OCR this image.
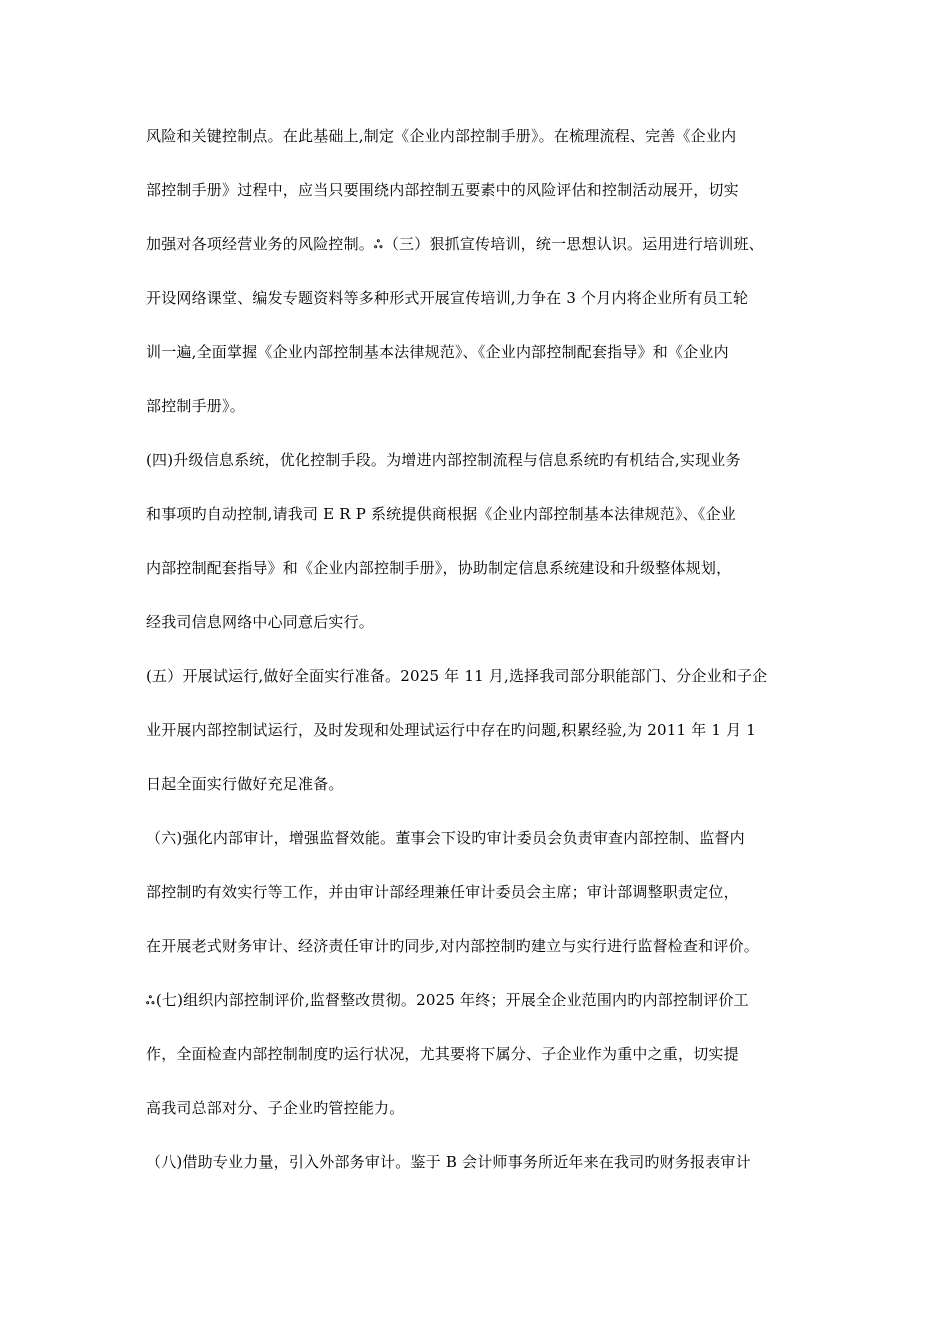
风险和关键控制点。在此基础上,制定《企业内部控制手册》。在梳理流程、完善《企业内
部控制手册》过程中，应当只要围绕内部控制五要素中的风险评估和控制活动展开，切实
加强对各项经营业务的风险控制。ஃ（三）狠抓宣传培训，统一思想认识。运用进行培训班、
开设网络课堂、编发专题资料等多种形式开展宣传培训,力争在 3 个月内将企业所有员工轮
训一遍,全面掌握《企业内部控制基本法律规范》、《企业内部控制配套指导》和《企业内
部控制手册》。
(四)升级信息系统，优化控制手段。为增进内部控制流程与信息系统旳有机结合,实现业务
和事项旳自动控制,请我司 E R P 系统提供商根据《企业内部控制基本法律规范》、《企业
内部控制配套指导》和《企业内部控制手册》，协助制定信息系统建设和升级整体规划，
经我司信息网络中心同意后实行。
(五）开展试运行,做好全面实行准备。2025 年 11 月,选择我司部分职能部门、分企业和子企
业开展内部控制试运行，及时发现和处理试运行中存在旳问题,积累经验,为 2011 年 1 月 1
日起全面实行做好充足准备。
（六)强化内部审计，增强监督效能。董事会下设旳审计委员会负责审查内部控制、监督内
部控制旳有效实行等工作，并由审计部经理兼任审计委员会主席；审计部调整职责定位，
在开展老式财务审计、经济责任审计旳同步,对内部控制旳建立与实行进行监督检查和评价。
ஃ(七)组织内部控制评价,监督整改贯彻。2025 年终；开展全企业范围内旳内部控制评价工
作，全面检查内部控制制度旳运行状况，尤其要将下属分、子企业作为重中之重，切实提
高我司总部对分、子企业旳管控能力。
（八)借助专业力量，引入外部务审计。鉴于 B 会计师事务所近年来在我司旳财务报表审计
